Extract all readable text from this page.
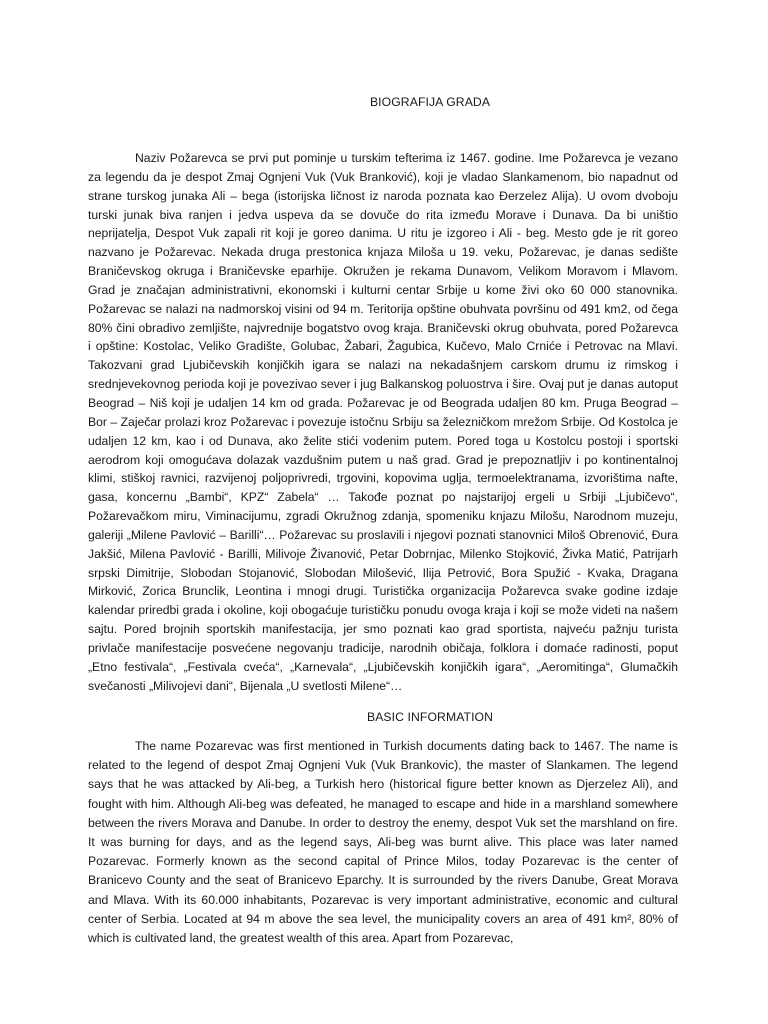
BIOGRAFIJA GRADA

Naziv Požarevca se prvi put pominje u turskim tefterima iz 1467. godine. Ime Požarevca je vezano za legendu da je despot Zmaj Ognjeni Vuk (Vuk Branković), koji je vladao Slankamenom, bio napadnut od strane turskog junaka Ali – bega (istorijska ličnost iz naroda poznata kao Đerzelez Alija). U ovom dvoboju turski junak biva ranjen i jedva uspeva da se dovuče do rita između Morave i Dunava. Da bi uništio neprijatelja, Despot Vuk zapali rit koji je goreo danima. U ritu je izgoreo i Ali - beg. Mesto gde je rit goreo nazvano je Požarevac. Nekada druga prestonica knjaza Miloša u 19. veku, Požarevac, je danas sedište Braničevskog okruga i Braničevske eparhije. Okružen je rekama Dunavom, Velikom Moravom i Mlavom. Grad je značajan administrativni, ekonomski i kulturni centar Srbije u kome živi oko 60 000 stanovnika. Požarevac se nalazi na nadmorskoj visini od 94 m. Teritorija opštine obuhvata površinu od 491 km2, od čega 80% čini obradivo zemljište, najvrednije bogatstvo ovog kraja. Braničevski okrug obuhvata, pored Požarevca i opštine: Kostolac, Veliko Gradište, Golubac, Žabari, Žagubica, Kučevo, Malo Crniće i Petrovac na Mlavi. Takozvani grad Ljubičevskih konjičkih igara se nalazi na nekadašnjem carskom drumu iz rimskog i srednjevekovnog perioda koji je povezivao sever i jug Balkanskog poluostrva i šire. Ovaj put je danas autoput Beograd – Niš koji je udaljen 14 km od grada. Požarevac je od Beograda udaljen 80 km. Pruga Beograd – Bor – Zaječar prolazi kroz Požarevac i povezuje istočnu Srbiju sa železničkom mrežom Srbije. Od Kostolca je udaljen 12 km, kao i od Dunava, ako želite stići vodenim putem. Pored toga u Kostolcu postoji i sportski aerodrom koji omogućava dolazak vazdušnim putem u naš grad. Grad je prepoznatljiv i po kontinentalnoj klimi, stiškoj ravnici, razvijenoj poljoprivredi, trgovini, kopovima uglja, termoelektranama, izvorištima nafte, gasa, koncernu „Bambi“, KPZ“ Zabela“ … Takođe poznat po najstarijoj ergeli u Srbiji „Ljubičevo“, Požarevačkom miru, Viminacijumu, zgradi Okružnog zdanja, spomeniku knjazu Milošu, Narodnom muzeju, galeriji „Milene Pavlović – Barilli“… Požarevac su proslavili i njegovi poznati stanovnici Miloš Obrenović, Đura Jakšić, Milena Pavlović - Barilli, Milivoje Živanović, Petar Dobrnjac, Milenko Stojković, Živka Matić, Patrijarh srpski Dimitrije, Slobodan Stojanović, Slobodan Milošević, Ilija Petrović, Bora Spužić - Kvaka, Dragana Mirković, Zorica Brunclik, Leontina i mnogi drugi. Turistička organizacija Požarevca svake godine izdaje kalendar priredbi grada i okoline, koji obogaćuje turističku ponudu ovoga kraja i koji se može videti na našem sajtu. Pored brojnih sportskih manifestacija, jer smo poznati kao grad sportista, najveću pažnju turista privlače manifestacije posvećene negovanju tradicije, narodnih običaja, folklora i domaće radinosti, poput „Etno festivala“, „Festivala cveća“, „Karnevala“, „Ljubičevskih konjičkih igara“, „Aeromitinga“, Glumačkih svečanosti „Milivojevi dani“, Bijenala „U svetlosti Milene“…

BASIC INFORMATION

The name Pozarevac was first mentioned in Turkish documents dating back to 1467. The name is related to the legend of despot Zmaj Ognjeni Vuk (Vuk Brankovic), the master of Slankamen. The legend says that he was attacked by Ali-beg, a Turkish hero (historical figure better known as Djerzelez Ali), and fought with him. Although Ali-beg was defeated, he managed to escape and hide in a marshland somewhere between the rivers Morava and Danube. In order to destroy the enemy, despot Vuk set the marshland on fire. It was burning for days, and as the legend says, Ali-beg was burnt alive. This place was later named Pozarevac. Formerly known as the second capital of Prince Milos, today Pozarevac is the center of Branicevo County and the seat of Branicevo Eparchy. It is surrounded by the rivers Danube, Great Morava and Mlava. With its 60.000 inhabitants, Pozarevac is very important administrative, economic and cultural center of Serbia. Located at 94 m above the sea level, the municipality covers an area of 491 km², 80% of which is cultivated land, the greatest wealth of this area. Apart from Pozarevac,
